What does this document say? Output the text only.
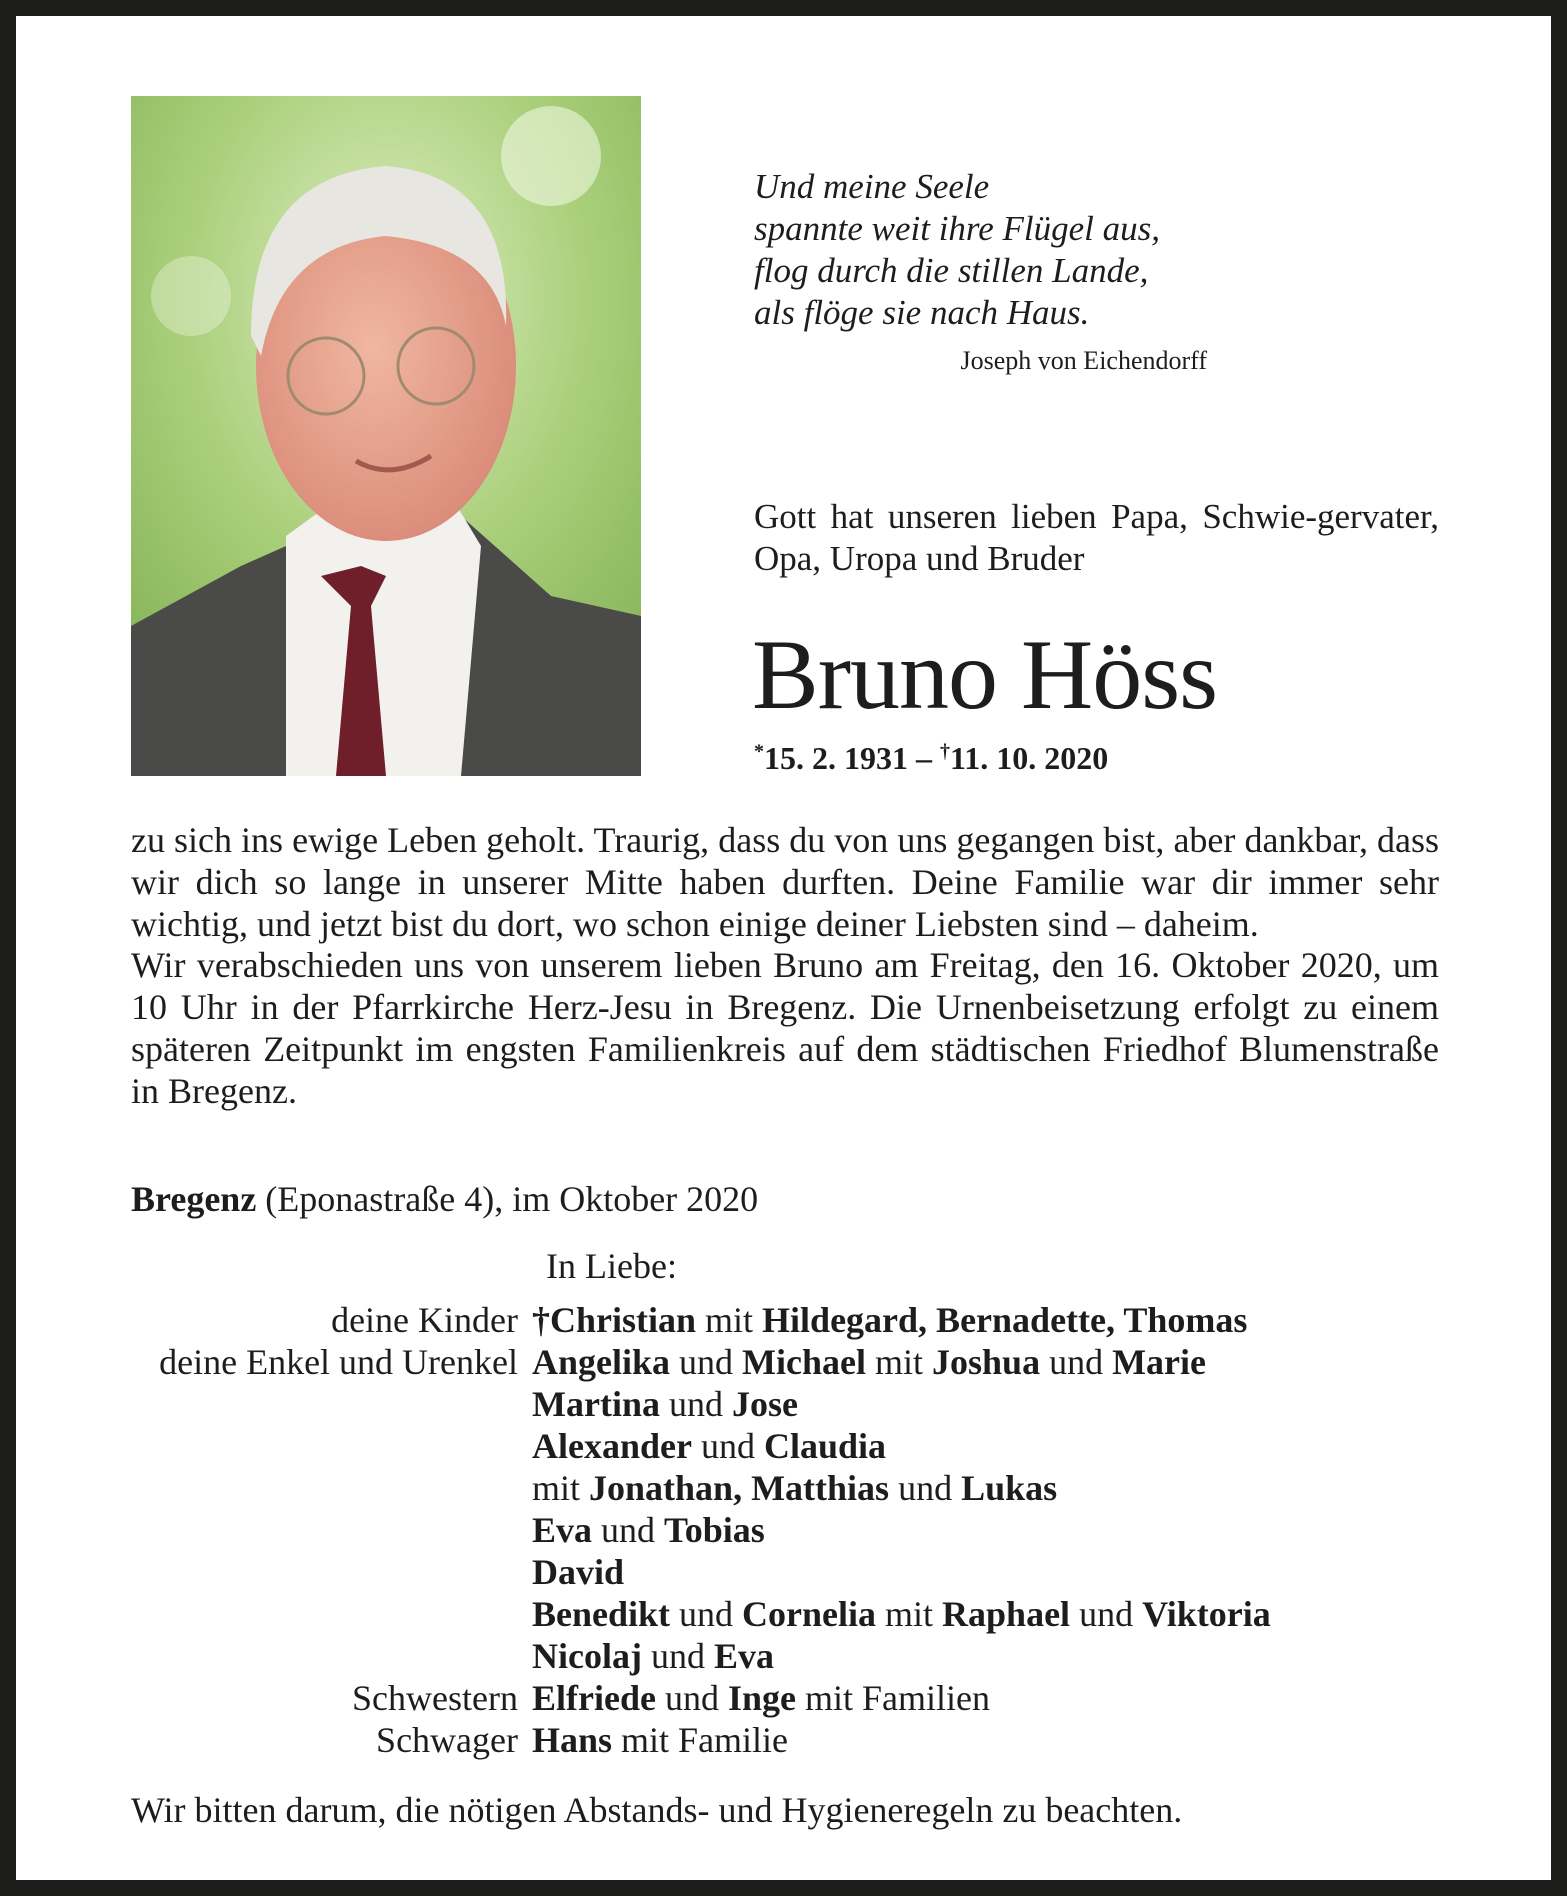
Und meine Seele
spannte weit ihre Flügel aus,
flog durch die stillen Lande,
als flöge sie nach Haus.
Joseph von Eichendorff
Gott hat unseren lieben Papa, Schwie-gervater, Opa, Uropa und Bruder
Bruno Höss
*15. 2. 1931 – †11. 10. 2020

zu sich ins ewige Leben geholt. Traurig, dass du von uns gegangen bist, aber dankbar, dass wir dich so lange in unserer Mitte haben durften. Deine Familie war dir immer sehr wichtig, und jetzt bist du dort, wo schon einige deiner Liebsten sind – daheim.

Wir verabschieden uns von unserem lieben Bruno am Freitag, den 16. Oktober 2020, um 10 Uhr in der Pfarrkirche Herz-Jesu in Bregenz. Die Urnenbeisetzung erfolgt zu einem späteren Zeitpunkt im engsten Familienkreis auf dem städtischen Friedhof Blumenstraße in Bregenz.

Bregenz (Eponastraße 4), im Oktober 2020
In Liebe:
deine Kinder †Christian mit Hildegard, Bernadette, Thomas
deine Enkel und Urenkel Angelika und Michael mit Joshua und Marie
Martina und Jose
Alexander und Claudia
mit Jonathan, Matthias und Lukas
Eva und Tobias
David
Benedikt und Cornelia mit Raphael und Viktoria
Nicolaj und Eva
Schwestern Elfriede und Inge mit Familien
Schwager Hans mit Familie
Wir bitten darum, die nötigen Abstands- und Hygieneregeln zu beachten.
